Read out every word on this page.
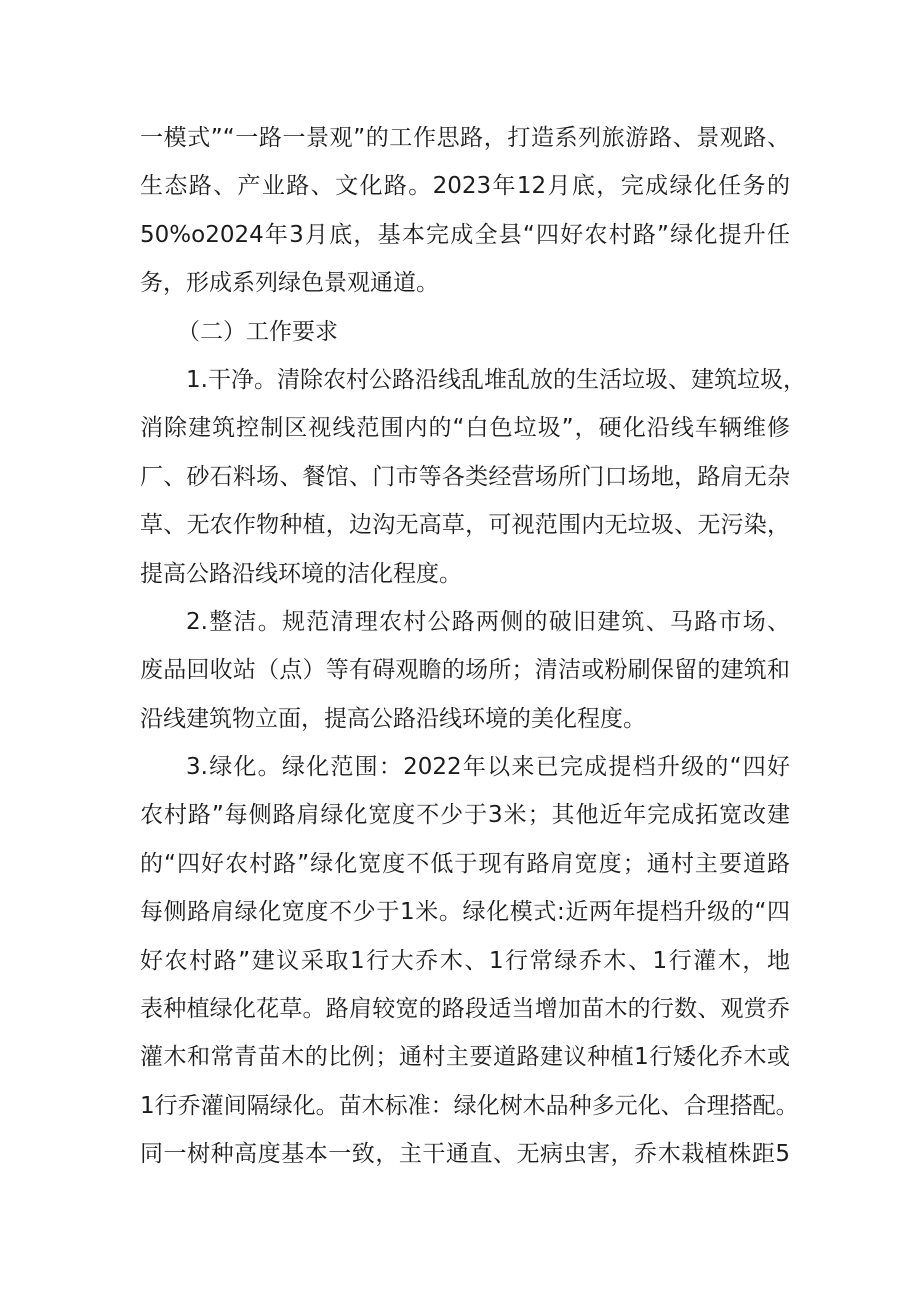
一模式”“一路一景观”的工作思路，打造系列旅游路、景观路、
生态路、产业路、文化路。2023年12月底，完成绿化任务的
50%o2024年3月底，基本完成全县“四好农村路”绿化提升任
务，形成系列绿色景观通道。
（二）工作要求
1.干净。清除农村公路沿线乱堆乱放的生活垃圾、建筑垃圾，
消除建筑控制区视线范围内的“白色垃圾”，硬化沿线车辆维修
厂、砂石料场、餐馆、门市等各类经营场所门口场地，路肩无杂
草、无农作物种植，边沟无高草，可视范围内无垃圾、无污染，
提高公路沿线环境的洁化程度。
2.整洁。规范清理农村公路两侧的破旧建筑、马路市场、
废品回收站（点）等有碍观瞻的场所；清洁或粉刷保留的建筑和
沿线建筑物立面，提高公路沿线环境的美化程度。
3.绿化。绿化范围：2022年以来已完成提档升级的“四好
农村路”每侧路肩绿化宽度不少于3米；其他近年完成拓宽改建
的“四好农村路”绿化宽度不低于现有路肩宽度；通村主要道路
每侧路肩绿化宽度不少于1米。绿化模式:近两年提档升级的“四
好农村路”建议采取1行大乔木、1行常绿乔木、1行灌木，地
表种植绿化花草。路肩较宽的路段适当增加苗木的行数、观赏乔
灌木和常青苗木的比例；通村主要道路建议种植1行矮化乔木或
1行乔灌间隔绿化。苗木标准：绿化树木品种多元化、合理搭配。
同一树种高度基本一致，主干通直、无病虫害，乔木栽植株距5
